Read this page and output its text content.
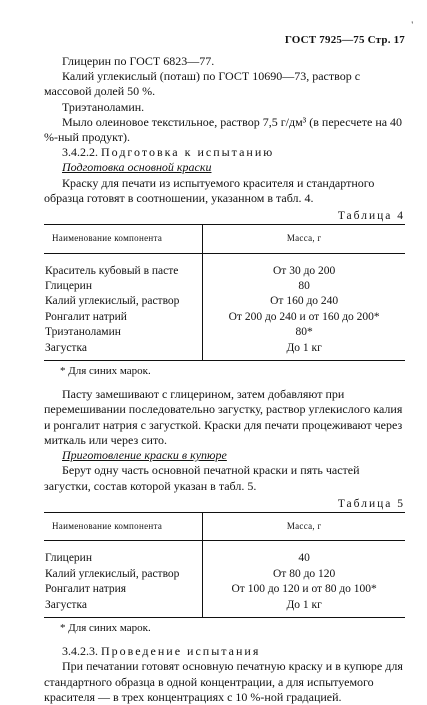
'
ГОСТ 7925—75 Стр. 17

Глицерин по ГОСТ 6823—77.

Калий углекислый (поташ) по ГОСТ 10690—73, раствор с массовой долей 50 %.

Триэтаноламин.

Мыло олеиновое текстильное, раствор 7,5 г/дм³ (в пересчете на 40 %-ный продукт).

3.4.2.2. Подготовка к испытанию

Подготовка основной краски

Краску для печати из испытуемого красителя и стандартного образца готовят в соотношении, указанном в табл. 4.

Таблица 4
Наименование компонента	Масса, г
Краситель кубовый в пасте	От 30 до 200
Глицерин	80
Калий углекислый, раствор	От 160 до 240
Ронгалит натрий	От 200 до 240 и от 160 до 200*
Триэтаноламин	80*
Загустка	До 1 кг
* Для синих марок.

Пасту замешивают с глицерином, затем добавляют при перемешивании последовательно загустку, раствор углекислого калия и ронгалит натрия с загусткой. Краски для печати процеживают через миткаль или через сито.

Приготовление краски в купюре

Берут одну часть основной печатной краски и пять частей загустки, состав которой указан в табл. 5.

Таблица 5
Наименование компонента	Масса, г
Глицерин	40
Калий углекислый, раствор	От 80 до 120
Ронгалит натрия	От 100 до 120 и от 80 до 100*
Загустка	До 1 кг
* Для синих марок.

3.4.2.3. Проведение испытания

При печатании готовят основную печатную краску и в купюре для стандартного образца в одной концентрации, а для испытуемого красителя — в трех концентрациях с 10 %-ной градацией.
